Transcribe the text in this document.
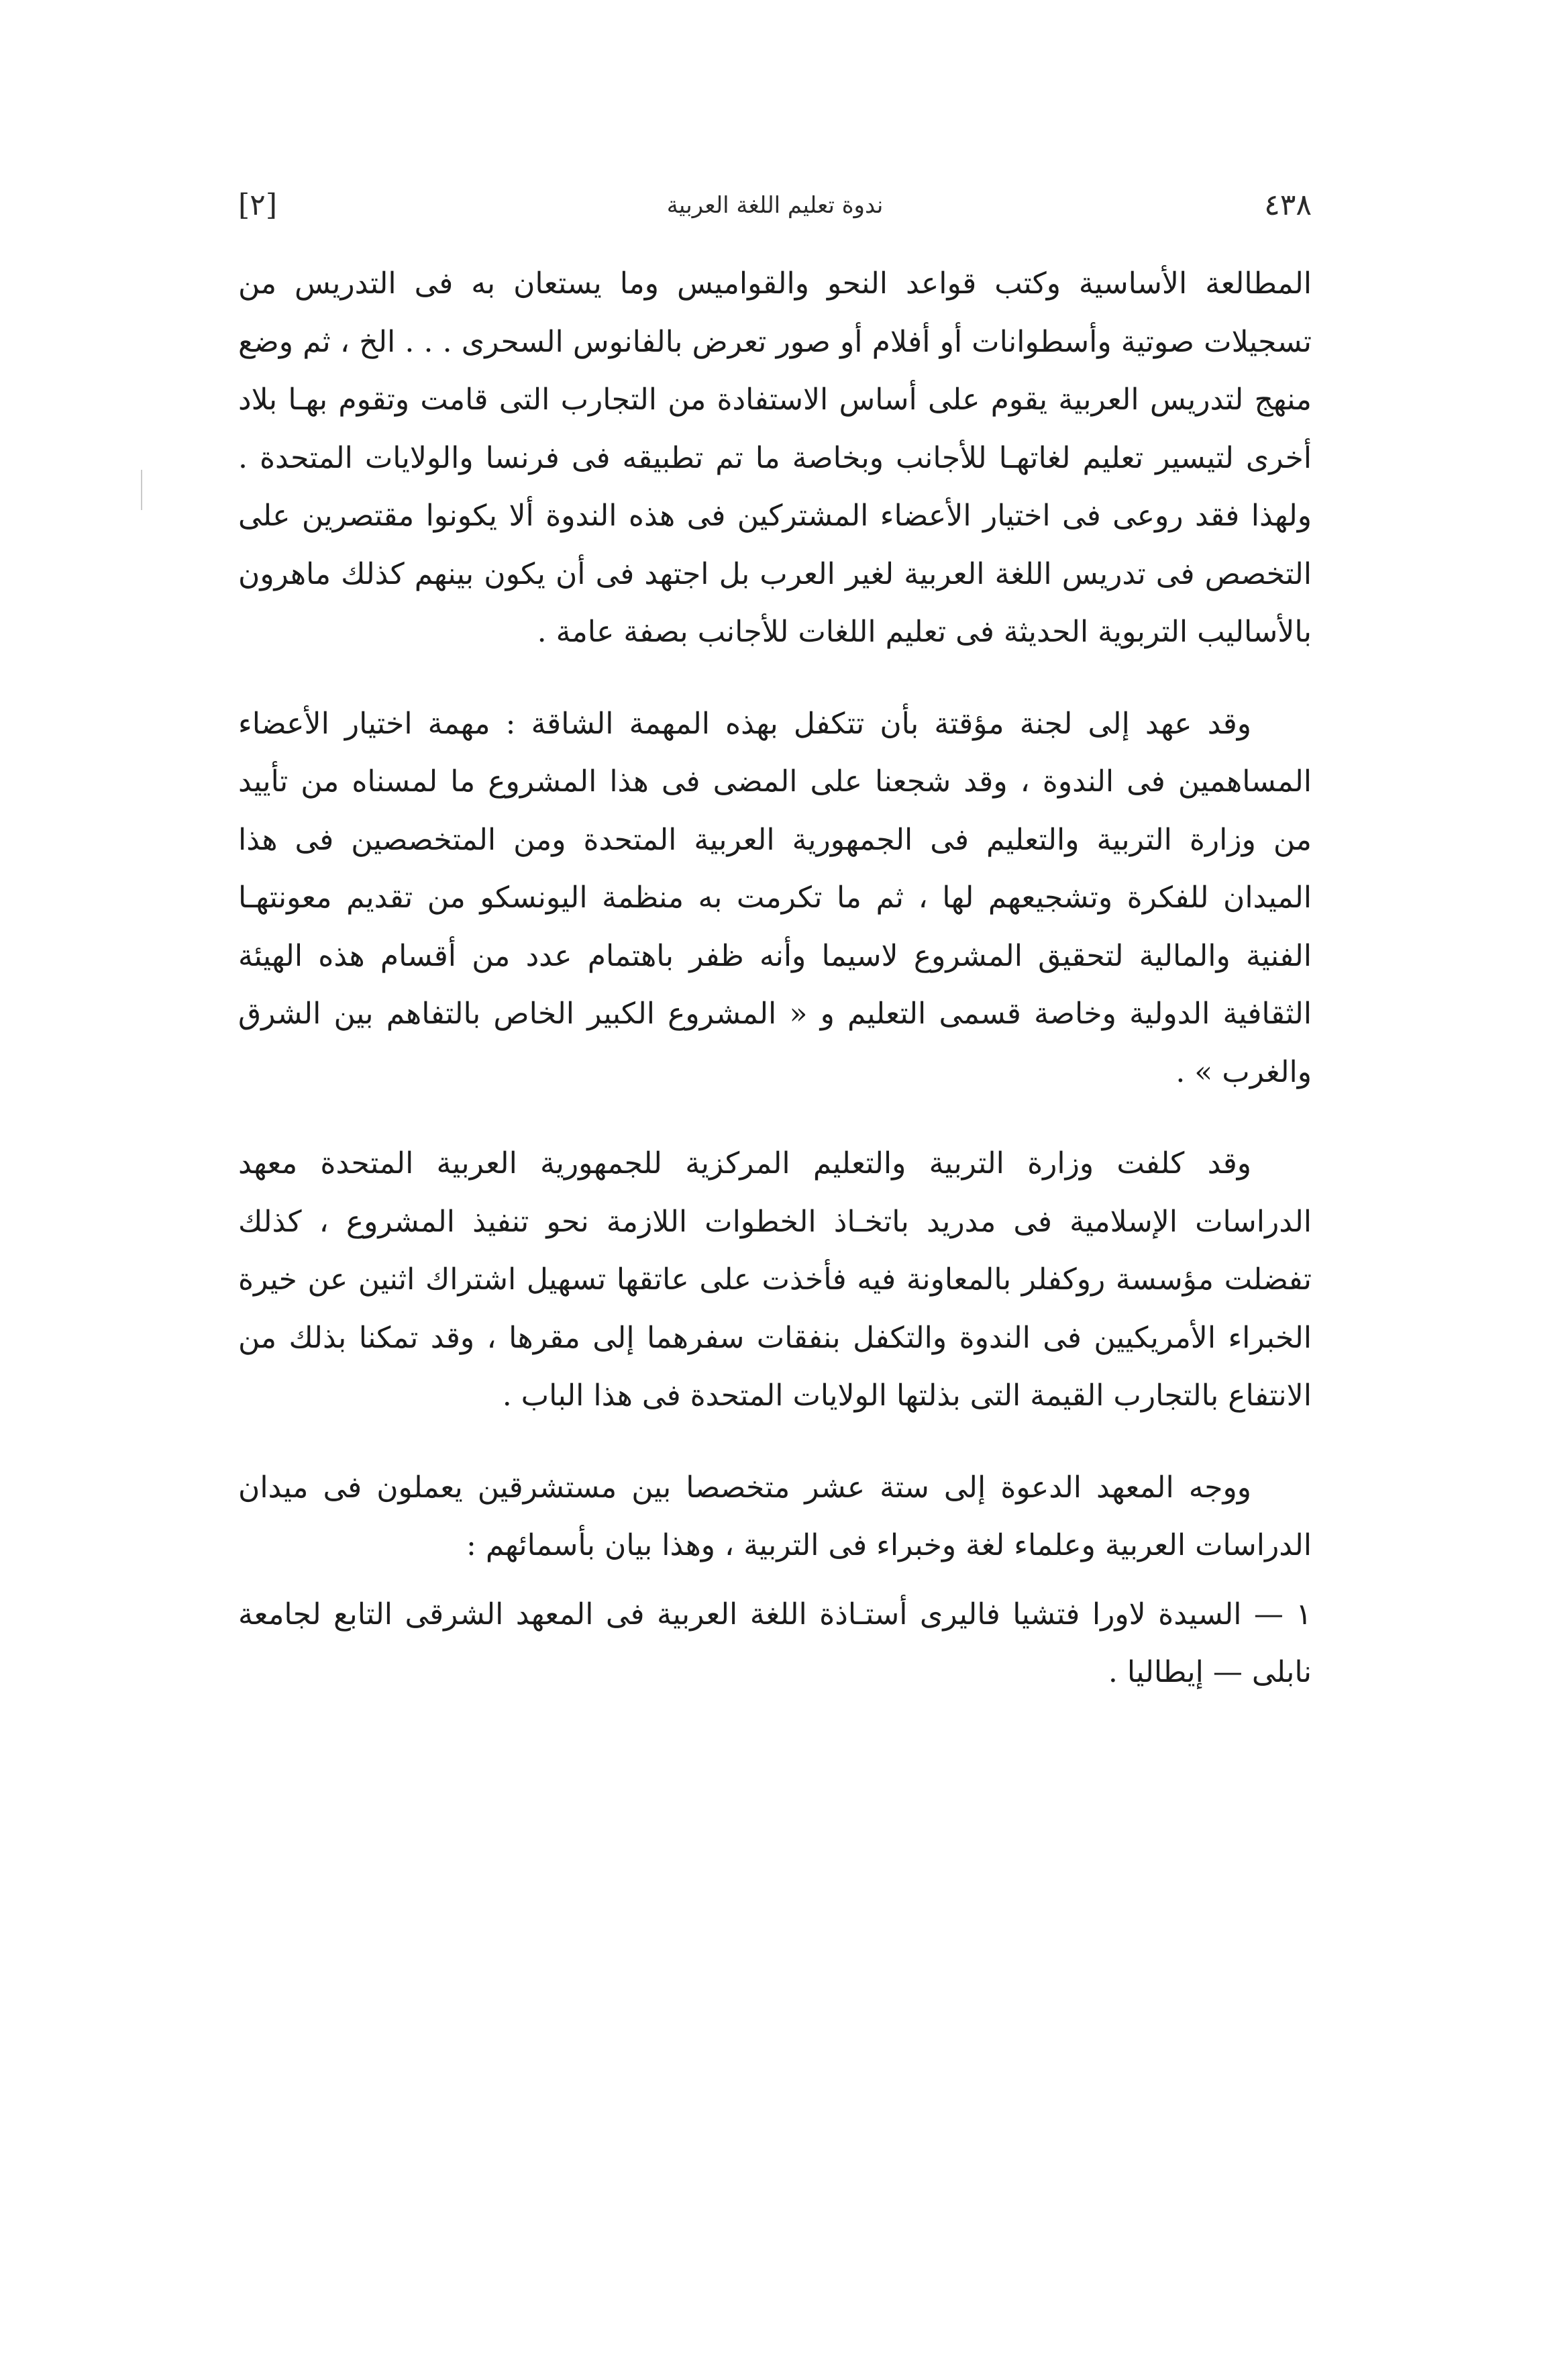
٤٣٨
ندوة تعليم اللغة العربية
[٢]

المطالعة الأساسية وكتب قواعد النحو والقواميس وما يستعان به فى التدريس من تسجيلات صوتية وأسطوانات أو أفلام أو صور تعرض بالفانوس السحرى . . . الخ ، ثم وضع منهج لتدريس العربية يقوم على أساس الاستفادة من التجارب التى قامت وتقوم بهـا بلاد أخرى لتيسير تعليم لغاتهـا للأجانب وبخاصة ما تم تطبيقه فى فرنسا والولايات المتحدة . ولهذا فقد روعى فى اختيار الأعضاء المشتركين فى هذه الندوة ألا يكونوا مقتصرين على التخصص فى تدريس اللغة العربية لغير العرب بل اجتهد فى أن يكون بينهم كذلك ماهرون بالأساليب التربوية الحديثة فى تعليم اللغات للأجانب بصفة عامة .

وقد عهد إلى لجنة مؤقتة بأن تتكفل بهذه المهمة الشاقة : مهمة اختيار الأعضاء المساهمين فى الندوة ، وقد شجعنا على المضى فى هذا المشروع ما لمسناه من تأييد من وزارة التربية والتعليم فى الجمهورية العربية المتحدة ومن المتخصصين فى هذا الميدان للفكرة وتشجيعهم لها ، ثم ما تكرمت به منظمة اليونسكو من تقديم معونتهـا الفنية والمالية لتحقيق المشروع لاسيما وأنه ظفر باهتمام عدد من أقسام هذه الهيئة الثقافية الدولية وخاصة قسمى التعليم و « المشروع الكبير الخاص بالتفاهم بين الشرق والغرب » .

وقد كلفت وزارة التربية والتعليم المركزية للجمهورية العربية المتحدة معهد الدراسات الإسلامية فى مدريد باتخـاذ الخطوات اللازمة نحو تنفيذ المشروع ، كذلك تفضلت مؤسسة روكفلر بالمعاونة فيه فأخذت على عاتقها تسهيل اشتراك اثنين عن خيرة الخبراء الأمريكيين فى الندوة والتكفل بنفقات سفرهما إلى مقرها ، وقد تمكنا بذلك من الانتفاع بالتجارب القيمة التى بذلتها الولايات المتحدة فى هذا الباب .

ووجه المعهد الدعوة إلى ستة عشر متخصصا بين مستشرقين يعملون فى ميدان الدراسات العربية وعلماء لغة وخبراء فى التربية ، وهذا بيان بأسمائهم :

١ — السيدة لاورا فتشيا فاليرى أستـاذة اللغة العربية فى المعهد الشرقى التابع لجامعة نابلى — إيطاليا .
